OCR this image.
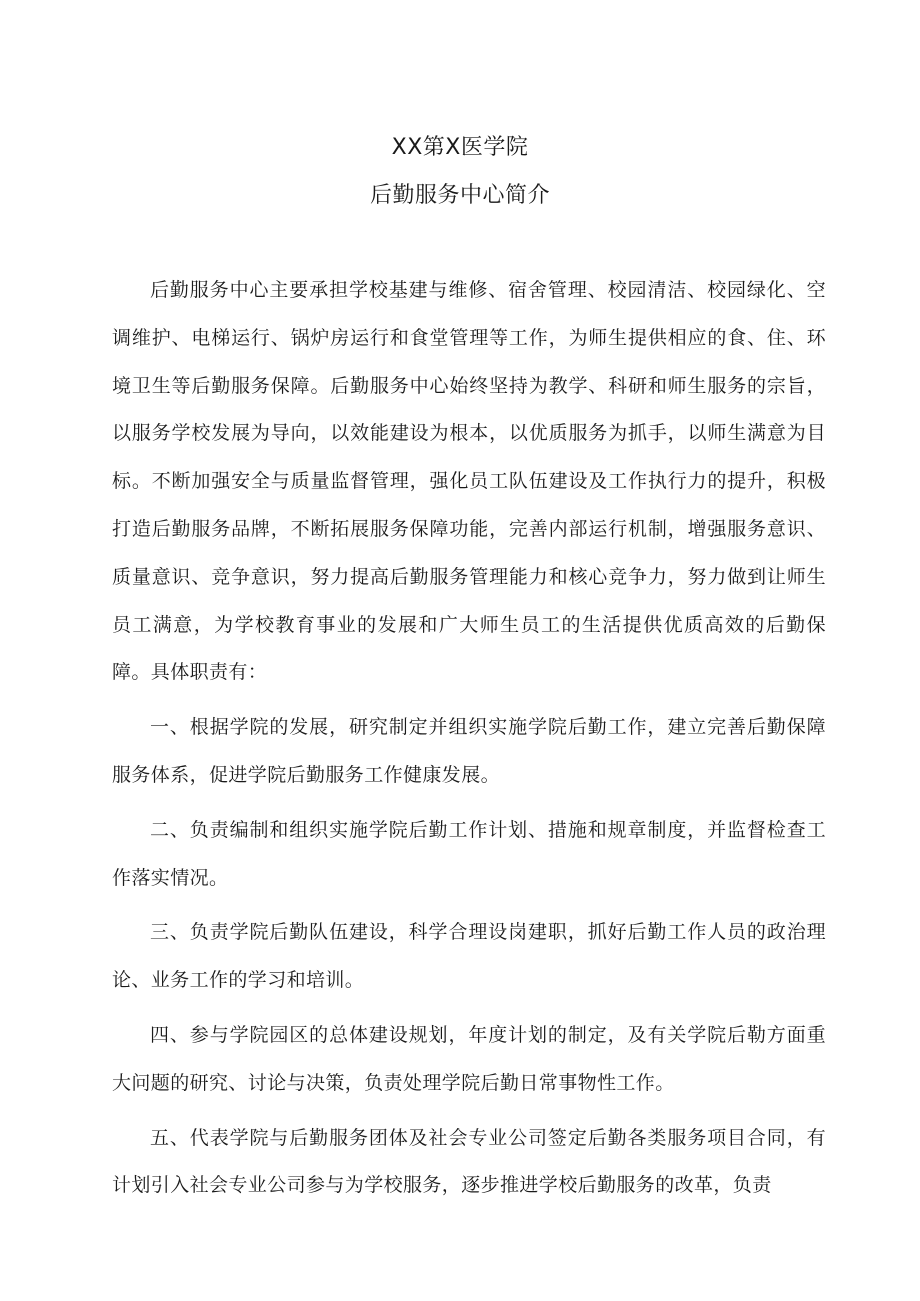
XX第X医学院
后勤服务中心简介

后勤服务中心主要承担学校基建与维修、宿舍管理、校园清洁、校园绿化、空调维护、电梯运行、锅炉房运行和食堂管理等工作，为师生提供相应的食、住、环境卫生等后勤服务保障。后勤服务中心始终坚持为教学、科研和师生服务的宗旨，以服务学校发展为导向，以效能建设为根本，以优质服务为抓手，以师生满意为目标。不断加强安全与质量监督管理，强化员工队伍建设及工作执行力的提升，积极打造后勤服务品牌，不断拓展服务保障功能，完善内部运行机制，增强服务意识、质量意识、竞争意识，努力提高后勤服务管理能力和核心竞争力，努力做到让师生员工满意，为学校教育事业的发展和广大师生员工的生活提供优质高效的后勤保障。具体职责有：

一、根据学院的发展，研究制定并组织实施学院后勤工作，建立完善后勤保障服务体系，促进学院后勤服务工作健康发展。

二、负责编制和组织实施学院后勤工作计划、措施和规章制度，并监督检查工作落实情况。

三、负责学院后勤队伍建设，科学合理设岗建职，抓好后勤工作人员的政治理论、业务工作的学习和培训。

四、参与学院园区的总体建设规划，年度计划的制定，及有关学院后勒方面重大问题的研究、讨论与决策，负责处理学院后勤日常事物性工作。

五、代表学院与后勤服务团体及社会专业公司签定后勤各类服务项目合同，有计划引入社会专业公司参与为学校服务，逐步推进学校后勤服务的改革，负责
